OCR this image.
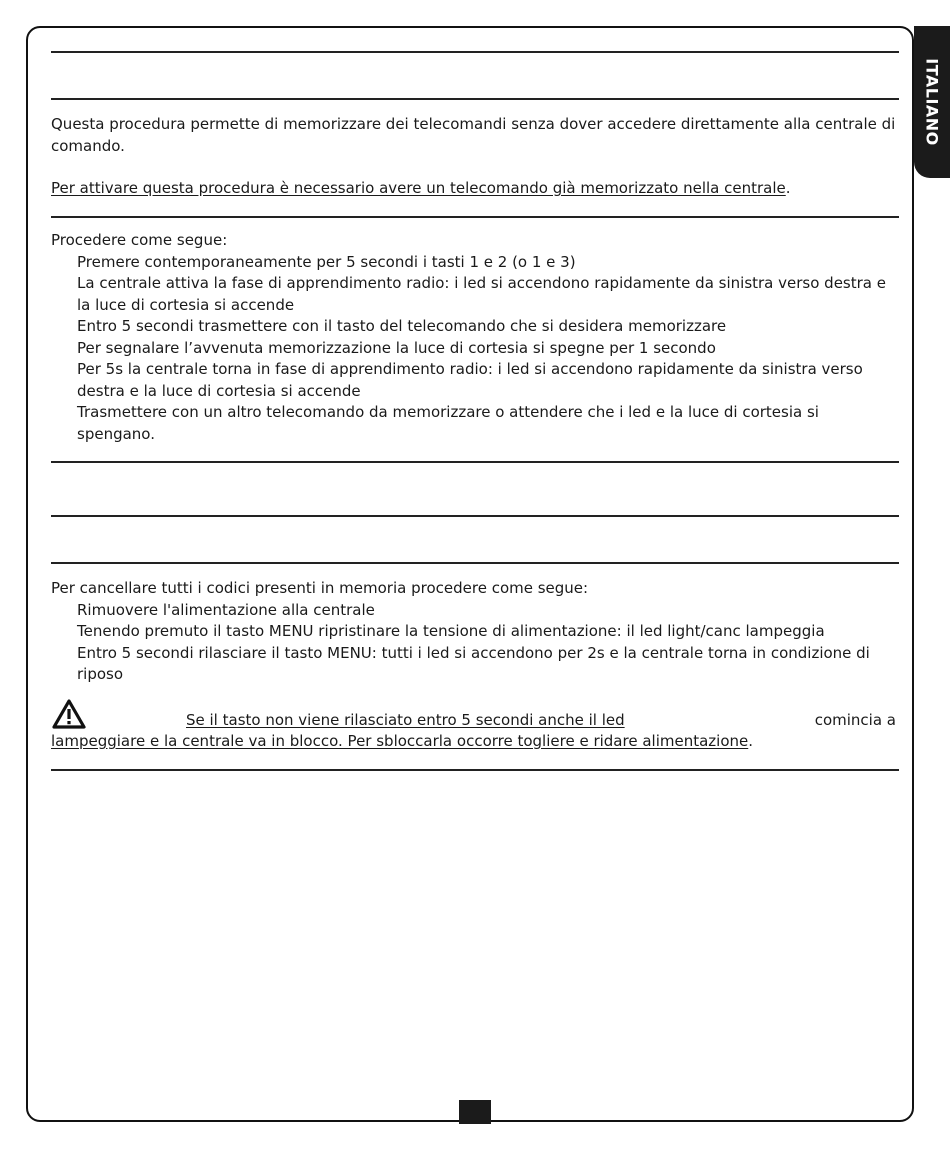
ITALIANO
Questa procedura permette di memorizzare dei telecomandi senza dover accedere direttamente alla centrale di comando.
Per attivare questa procedura è necessario avere un telecomando già memorizzato nella centrale.
Procedere come segue:
Premere contemporaneamente per 5 secondi i tasti 1 e 2 (o 1 e 3)
La centrale attiva la fase di apprendimento radio: i led si accendono rapidamente da sinistra verso destra e la luce di cortesia si accende
Entro 5 secondi trasmettere con il tasto del telecomando che si desidera memorizzare
Per segnalare l’avvenuta memorizzazione la luce di cortesia si spegne per 1 secondo
Per 5s la centrale torna in fase di apprendimento radio: i led si accendono rapidamente da sinistra verso destra e la luce di cortesia si accende
Trasmettere con un altro telecomando da memorizzare o attendere che i led e la luce di cortesia si spengano.
Per cancellare tutti i codici presenti in memoria procedere come segue:
Rimuovere l'alimentazione alla centrale
Tenendo premuto il tasto MENU ripristinare la tensione di alimentazione: il led light/canc lampeggia
Entro 5 secondi rilasciare il tasto MENU: tutti i led si accendono per 2s e la centrale torna in condizione di riposo
Se il tasto non viene rilasciato entro 5 secondi anche il led	comincia a
lampeggiare e la centrale va in blocco. Per sbloccarla occorre togliere e ridare alimentazione.
